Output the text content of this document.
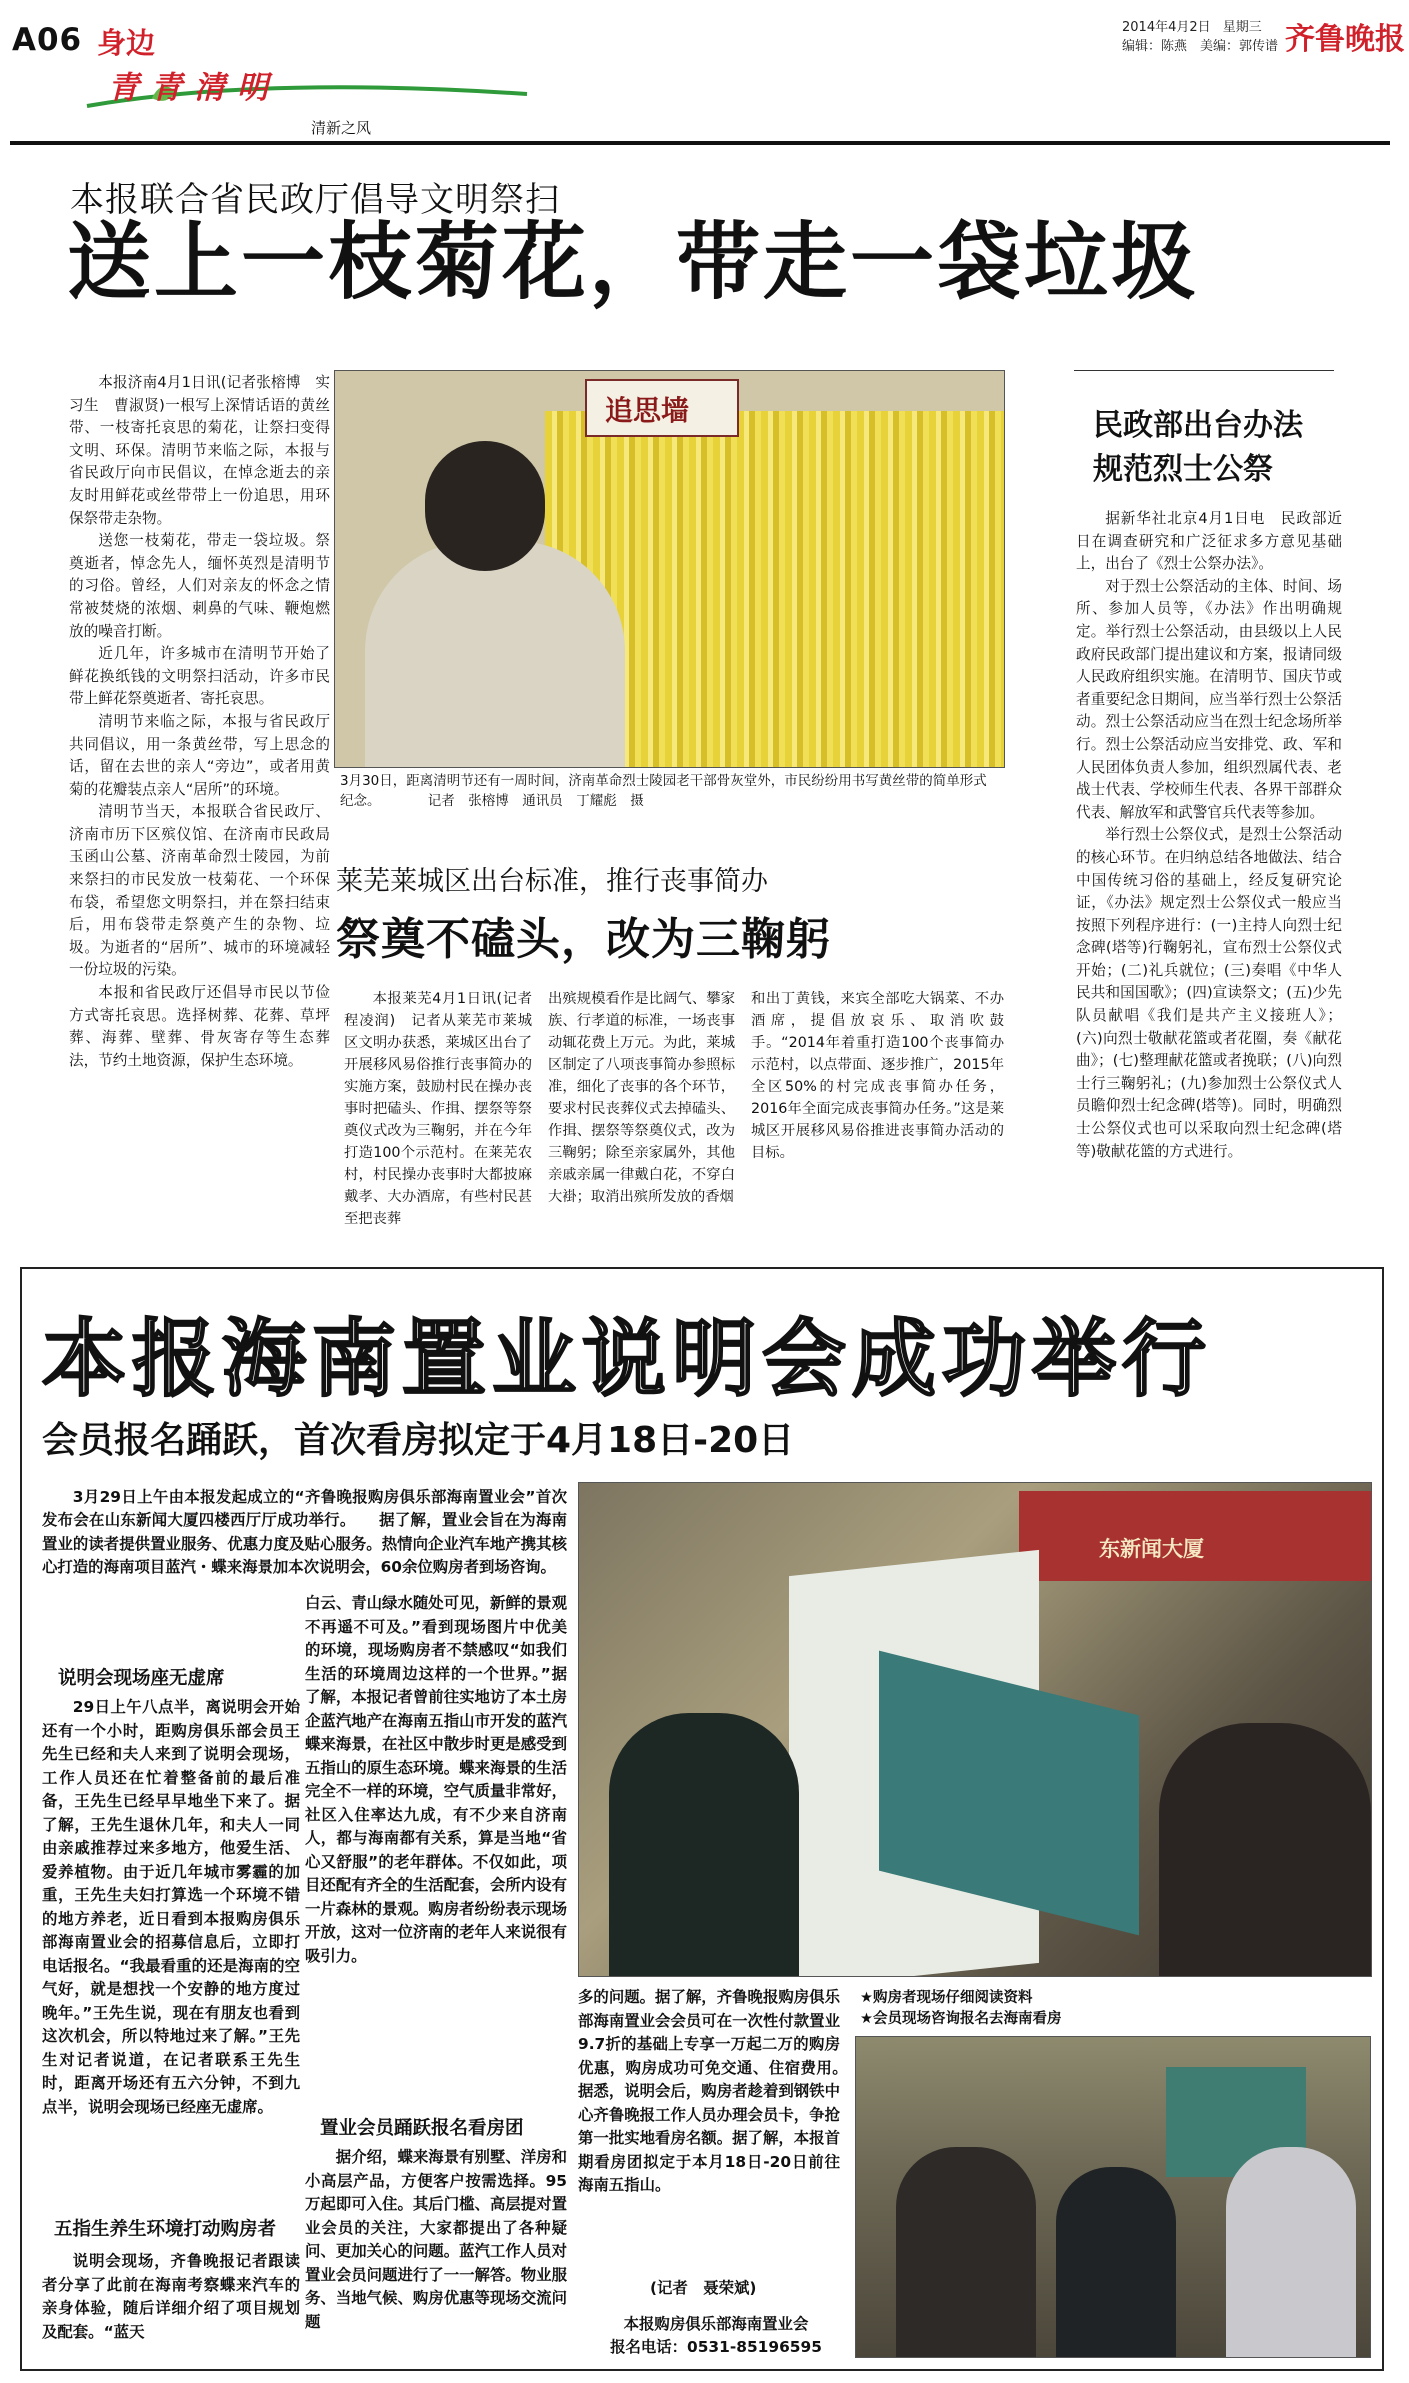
A06 身边	2014年4月2日 星期三
编辑：陈燕　美编：郭传谱 齐鲁晚报
青青清明
清新之风
本报联合省民政厅倡导文明祭扫
送上一枝菊花，带走一袋垃圾

本报济南4月1日讯(记者张榕博　实习生　曹淑贤)一根写上深情话语的黄丝带、一枝寄托哀思的菊花，让祭扫变得文明、环保。清明节来临之际，本报与省民政厅向市民倡议，在悼念逝去的亲友时用鲜花或丝带带上一份追思，用环保祭带走杂物。

送您一枝菊花，带走一袋垃圾。祭奠逝者，悼念先人，缅怀英烈是清明节的习俗。曾经，人们对亲友的怀念之情常被焚烧的浓烟、刺鼻的气味、鞭炮燃放的噪音打断。

近几年，许多城市在清明节开始了鲜花换纸钱的文明祭扫活动，许多市民带上鲜花祭奠逝者、寄托哀思。

清明节来临之际，本报与省民政厅共同倡议，用一条黄丝带，写上思念的话，留在去世的亲人“旁边”，或者用黄菊的花瓣装点亲人“居所”的环境。

清明节当天，本报联合省民政厅、济南市历下区殡仪馆、在济南市民政局玉函山公墓、济南革命烈士陵园，为前来祭扫的市民发放一枝菊花、一个环保布袋，希望您文明祭扫，并在祭扫结束后，用布袋带走祭奠产生的杂物、垃圾。为逝者的“居所”、城市的环境减轻一份垃圾的污染。

本报和省民政厅还倡导市民以节俭方式寄托哀思。选择树葬、花葬、草坪葬、海葬、壁葬、骨灰寄存等生态葬法，节约土地资源，保护生态环境。

追思墙
3月30日，距离清明节还有一周时间，济南革命烈士陵园老干部骨灰堂外，市民纷纷用书写黄丝带的简单形式纪念。　　　　记者　张榕博　通讯员　丁耀彪　摄
莱芜莱城区出台标准，推行丧事简办
祭奠不磕头，改为三鞠躬
本报莱芜4月1日讯(记者程凌润)　记者从莱芜市莱城区文明办获悉，莱城区出台了开展移风易俗推行丧事简办的实施方案，鼓励村民在操办丧事时把磕头、作揖、摆祭等祭奠仪式改为三鞠躬，并在今年打造100个示范村。在莱芜农村，村民操办丧事时大都披麻戴孝、大办酒席，有些村民甚至把丧葬
出殡规模看作是比阔气、攀家族、行孝道的标准，一场丧事动辄花费上万元。为此，莱城区制定了八项丧事简办参照标准，细化了丧事的各个环节，要求村民丧葬仪式去掉磕头、作揖、摆祭等祭奠仪式，改为三鞠躬；除至亲家属外，其他亲戚亲属一律戴白花，不穿白大褂；取消出殡所发放的香烟
和出丁黄钱，来宾全部吃大锅菜、不办酒席，提倡放哀乐、取消吹鼓手。“2014年着重打造100个丧事简办示范村，以点带面、逐步推广，2015年全区50%的村完成丧事简办任务，2016年全面完成丧事简办任务。”这是莱城区开展移风易俗推进丧事简办活动的目标。
民政部出台办法
规范烈士公祭

据新华社北京4月1日电　民政部近日在调查研究和广泛征求多方意见基础上，出台了《烈士公祭办法》。

对于烈士公祭活动的主体、时间、场所、参加人员等，《办法》作出明确规定。举行烈士公祭活动，由县级以上人民政府民政部门提出建议和方案，报请同级人民政府组织实施。在清明节、国庆节或者重要纪念日期间，应当举行烈士公祭活动。烈士公祭活动应当在烈士纪念场所举行。烈士公祭活动应当安排党、政、军和人民团体负责人参加，组织烈属代表、老战士代表、学校师生代表、各界干部群众代表、解放军和武警官兵代表等参加。

举行烈士公祭仪式，是烈士公祭活动的核心环节。在归纳总结各地做法、结合中国传统习俗的基础上，经反复研究论证，《办法》规定烈士公祭仪式一般应当按照下列程序进行：(一)主持人向烈士纪念碑(塔等)行鞠躬礼，宣布烈士公祭仪式开始；(二)礼兵就位；(三)奏唱《中华人民共和国国歌》；(四)宣读祭文；(五)少先队员献唱《我们是共产主义接班人》；(六)向烈士敬献花篮或者花圈，奏《献花曲》；(七)整理献花篮或者挽联；(八)向烈士行三鞠躬礼；(九)参加烈士公祭仪式人员瞻仰烈士纪念碑(塔等)。同时，明确烈士公祭仪式也可以采取向烈士纪念碑(塔等)敬献花篮的方式进行。

本报海南置业说明会成功举行
会员报名踊跃，首次看房拟定于4月18日-20日
3月29日上午由本报发起成立的“齐鲁晚报购房俱乐部海南置业会”首次发布会在山东新闻大厦四楼西厅厅成功举行。　　据了解，置业会旨在为海南置业的读者提供置业服务、优惠力度及贴心服务。热情向企业汽车地产携其核心打造的海南项目蓝汽・蝶来海景加本次说明会，60余位购房者到场咨询。
东新闻大厦
说明会现场座无虚席
29日上午八点半，离说明会开始还有一个小时，距购房俱乐部会员王先生已经和夫人来到了说明会现场，工作人员还在忙着整备前的最后准备，王先生已经早早地坐下来了。据了解，王先生退休几年，和夫人一同由亲戚推荐过来多地方，他爱生活、爱养植物。由于近几年城市雾霾的加重，王先生夫妇打算选一个环境不错的地方养老，近日看到本报购房俱乐部海南置业会的招募信息后，立即打电话报名。“我最看重的还是海南的空气好，就是想找一个安静的地方度过晚年。”王先生说，现在有朋友也看到这次机会，所以特地过来了解。”王先生对记者说道，在记者联系王先生时，距离开场还有五六分钟，不到九点半，说明会现场已经座无虚席。
五指生养生环境打动购房者
说明会现场，齐鲁晚报记者跟读者分享了此前在海南考察蝶来汽车的亲身体验，随后详细介绍了项目规划及配套。“蓝天
白云、青山绿水随处可见，新鲜的景观不再遥不可及。”看到现场图片中优美的环境，现场购房者不禁感叹“如我们生活的环境周边这样的一个世界。”据了解，本报记者曾前往实地访了本土房企蓝汽地产在海南五指山市开发的蓝汽蝶来海景，在社区中散步时更是感受到五指山的原生态环境。蝶来海景的生活完全不一样的环境，空气质量非常好，社区入住率达九成，有不少来自济南人，都与海南都有关系，算是当地“省心又舒服”的老年群体。不仅如此，项目还配有齐全的生活配套，会所内设有一片森林的景观。购房者纷纷表示现场开放，这对一位济南的老年人来说很有吸引力。
置业会员踊跃报名看房团
据介绍，蝶来海景有别墅、洋房和小高层产品，方便客户按需选择。95万起即可入住。其后门槛、高层提对置业会员的关注，大家都提出了各种疑问、更加关心的问题。蓝汽工作人员对置业会员问题进行了一一解答。物业服务、当地气候、购房优惠等现场交流问题
多的问题。据了解，齐鲁晚报购房俱乐部海南置业会会员可在一次性付款置业9.7折的基础上专享一万起二万的购房优惠，购房成功可免交通、住宿费用。　据悉，说明会后，购房者趁着到钢铁中心齐鲁晚报工作人员办理会员卡，争抢第一批实地看房名额。据了解，本报首期看房团拟定于本月18日-20日前往海南五指山。
(记者　聂荣斌)
本报购房俱乐部海南置业会
报名电话：0531-85196595
★购房者现场仔细阅读资料
★会员现场咨询报名去海南看房
